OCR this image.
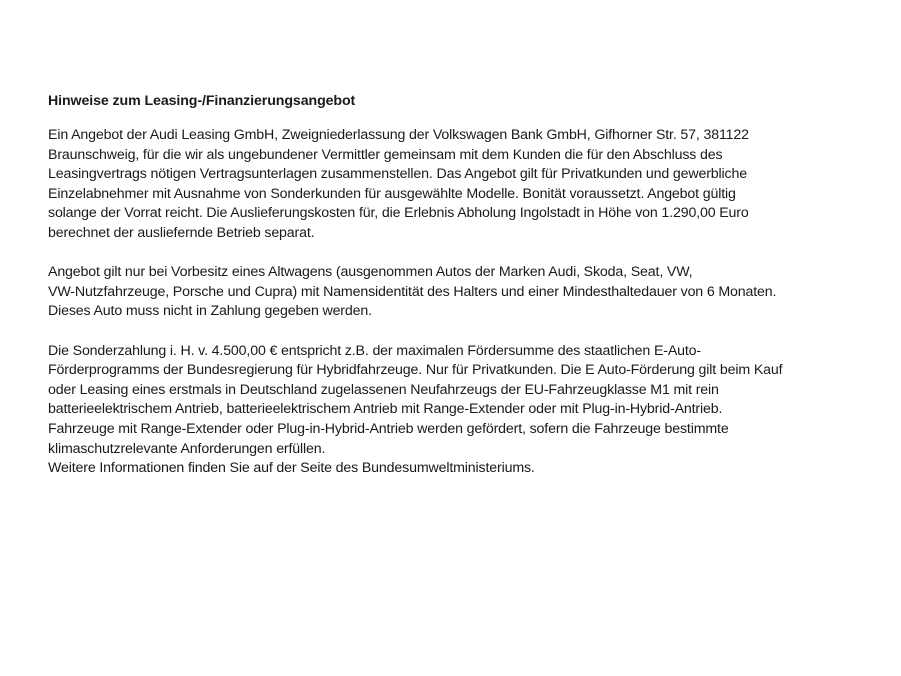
Hinweise zum Leasing-/Finanzierungsangebot

Ein Angebot der Audi Leasing GmbH, Zweigniederlassung der Volkswagen Bank GmbH, Gifhorner Str. 57, 381122
Braunschweig, für die wir als ungebundener Vermittler gemeinsam mit dem Kunden die für den Abschluss des
Leasingvertrags nötigen Vertragsunterlagen zusammenstellen. Das Angebot gilt für Privatkunden und gewerbliche
Einzelabnehmer mit Ausnahme von Sonderkunden für ausgewählte Modelle. Bonität voraussetzt. Angebot gültig
solange der Vorrat reicht. Die Auslieferungskosten für, die Erlebnis Abholung Ingolstadt in Höhe von 1.290,00 Euro
berechnet der ausliefernde Betrieb separat.

Angebot gilt nur bei Vorbesitz eines Altwagens (ausgenommen Autos der Marken Audi, Skoda, Seat, VW,
VW-Nutzfahrzeuge, Porsche und Cupra) mit Namensidentität des Halters und einer Mindesthaltedauer von 6 Monaten.
Dieses Auto muss nicht in Zahlung gegeben werden.

Die Sonderzahlung i. H. v. 4.500,00 € entspricht z.B. der maximalen Fördersumme des staatlichen E-Auto-
Förderprogramms der Bundesregierung für Hybridfahrzeuge. Nur für Privatkunden. Die E Auto-Förderung gilt beim Kauf
oder Leasing eines erstmals in Deutschland zugelassenen Neufahrzeugs der EU-Fahrzeugklasse M1 mit rein
batterieelektrischem Antrieb, batterieelektrischem Antrieb mit Range-Extender oder mit Plug-in-Hybrid-Antrieb.
Fahrzeuge mit Range-Extender oder Plug-in-Hybrid-Antrieb werden gefördert, sofern die Fahrzeuge bestimmte
klimaschutzrelevante Anforderungen erfüllen.
Weitere Informationen finden Sie auf der Seite des Bundesumweltministeriums.
